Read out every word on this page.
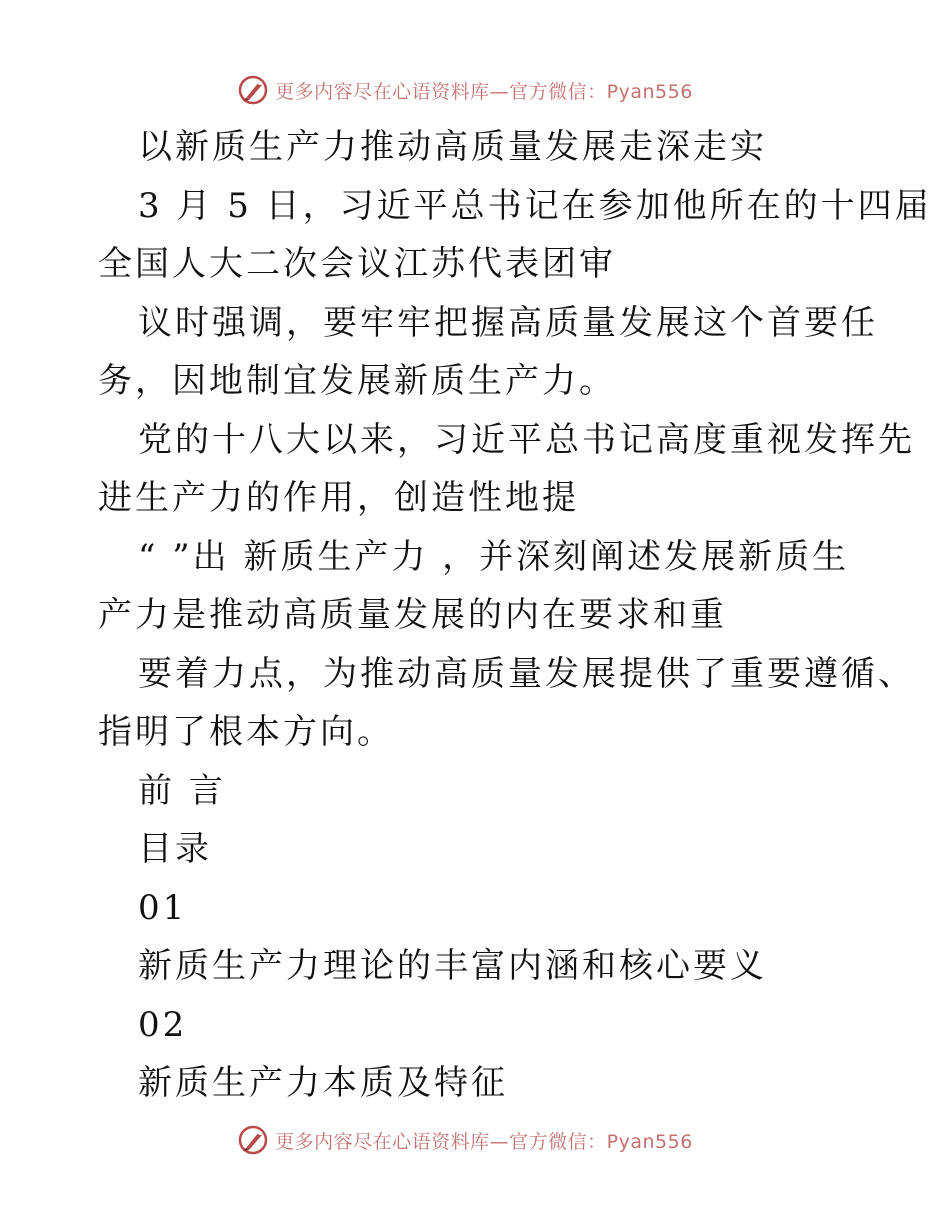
更多内容尽在心语资料库—官方微信：Pyan556
以新质生产力推动高质量发展走深走实
3 月 5 日，习近平总书记在参加他所在的十四届
全国人大二次会议江苏代表团审
议时强调，要牢牢把握高质量发展这个首要任
务，因地制宜发展新质生产力。
党的十八大以来，习近平总书记高度重视发挥先
进生产力的作用，创造性地提
“ ”出 新质生产力 ，并深刻阐述发展新质生
产力是推动高质量发展的内在要求和重
要着力点，为推动高质量发展提供了重要遵循、
指明了根本方向。
前 言
目录
01
新质生产力理论的丰富内涵和核心要义
02
新质生产力本质及特征
更多内容尽在心语资料库—官方微信：Pyan556
